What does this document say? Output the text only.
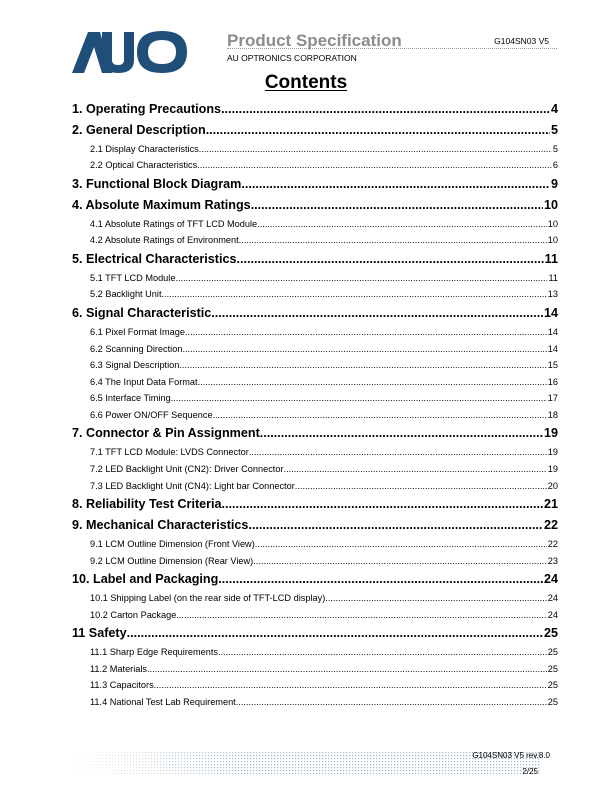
Product Specification	G104SN03 V5
AU OPTRONICS CORPORATION
Contents
1. Operating Precautions .....	4
2. General Description .....	5
2.1 Display Characteristics .....	5
2.2 Optical Characteristics .....	6
3. Functional Block Diagram .....	9
4. Absolute Maximum Ratings .....	10
4.1 Absolute Ratings of TFT LCD Module .....	10
4.2 Absolute Ratings of Environment .....	10
5. Electrical Characteristics .....	11
5.1 TFT LCD Module .....	11
5.2 Backlight Unit .....	13
6. Signal Characteristic .....	14
6.1 Pixel Format Image .....	14
6.2 Scanning Direction .....	14
6.3 Signal Description .....	15
6.4 The Input Data Format .....	16
6.5 Interface Timing .....	17
6.6 Power ON/OFF Sequence .....	18
7. Connector & Pin Assignment .....	19
7.1 TFT LCD Module: LVDS Connector .....	19
7.2 LED Backlight Unit (CN2): Driver Connector .....	19
7.3 LED Backlight Unit (CN4): Light bar Connector .....	20
8. Reliability Test Criteria .....	21
9. Mechanical Characteristics .....	22
9.1 LCM Outline Dimension (Front View) .....	22
9.2 LCM Outline Dimension (Rear View) .....	23
10. Label and Packaging .....	24
10.1 Shipping Label (on the rear side of TFT-LCD display) .....	24
10.2 Carton Package .....	24
11 Safety .....	25
11.1 Sharp Edge Requirements .....	25
11.2 Materials .....	25
11.3 Capacitors .....	25
11.4 National Test Lab Requirement .....	25
G104SN03 V5 rev.8.0
2/25
